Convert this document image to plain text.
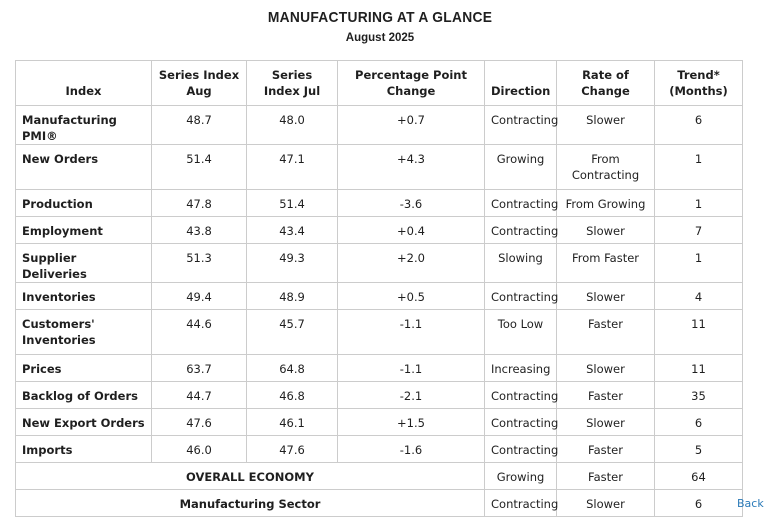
MANUFACTURING AT A GLANCE
August 2025
Index	Series Index Aug	Series Index Jul	Percentage Point Change	Direction	Rate of Change	Trend* (Months)
Manufacturing PMI®	48.7	48.0	+0.7	Contracting	Slower	6
New Orders	51.4	47.1	+4.3	Growing	From Contracting	1
Production	47.8	51.4	-3.6	Contracting	From Growing	1
Employment	43.8	43.4	+0.4	Contracting	Slower	7
Supplier Deliveries	51.3	49.3	+2.0	Slowing	From Faster	1
Inventories	49.4	48.9	+0.5	Contracting	Slower	4
Customers' Inventories	44.6	45.7	-1.1	Too Low	Faster	11
Prices	63.7	64.8	-1.1	Increasing	Slower	11
Backlog of Orders	44.7	46.8	-2.1	Contracting	Faster	35
New Export Orders	47.6	46.1	+1.5	Contracting	Slower	6
Imports	46.0	47.6	-1.6	Contracting	Faster	5
OVERALL ECONOMY				Growing	Faster	64
Manufacturing Sector				Contracting	Slower	6	Back
